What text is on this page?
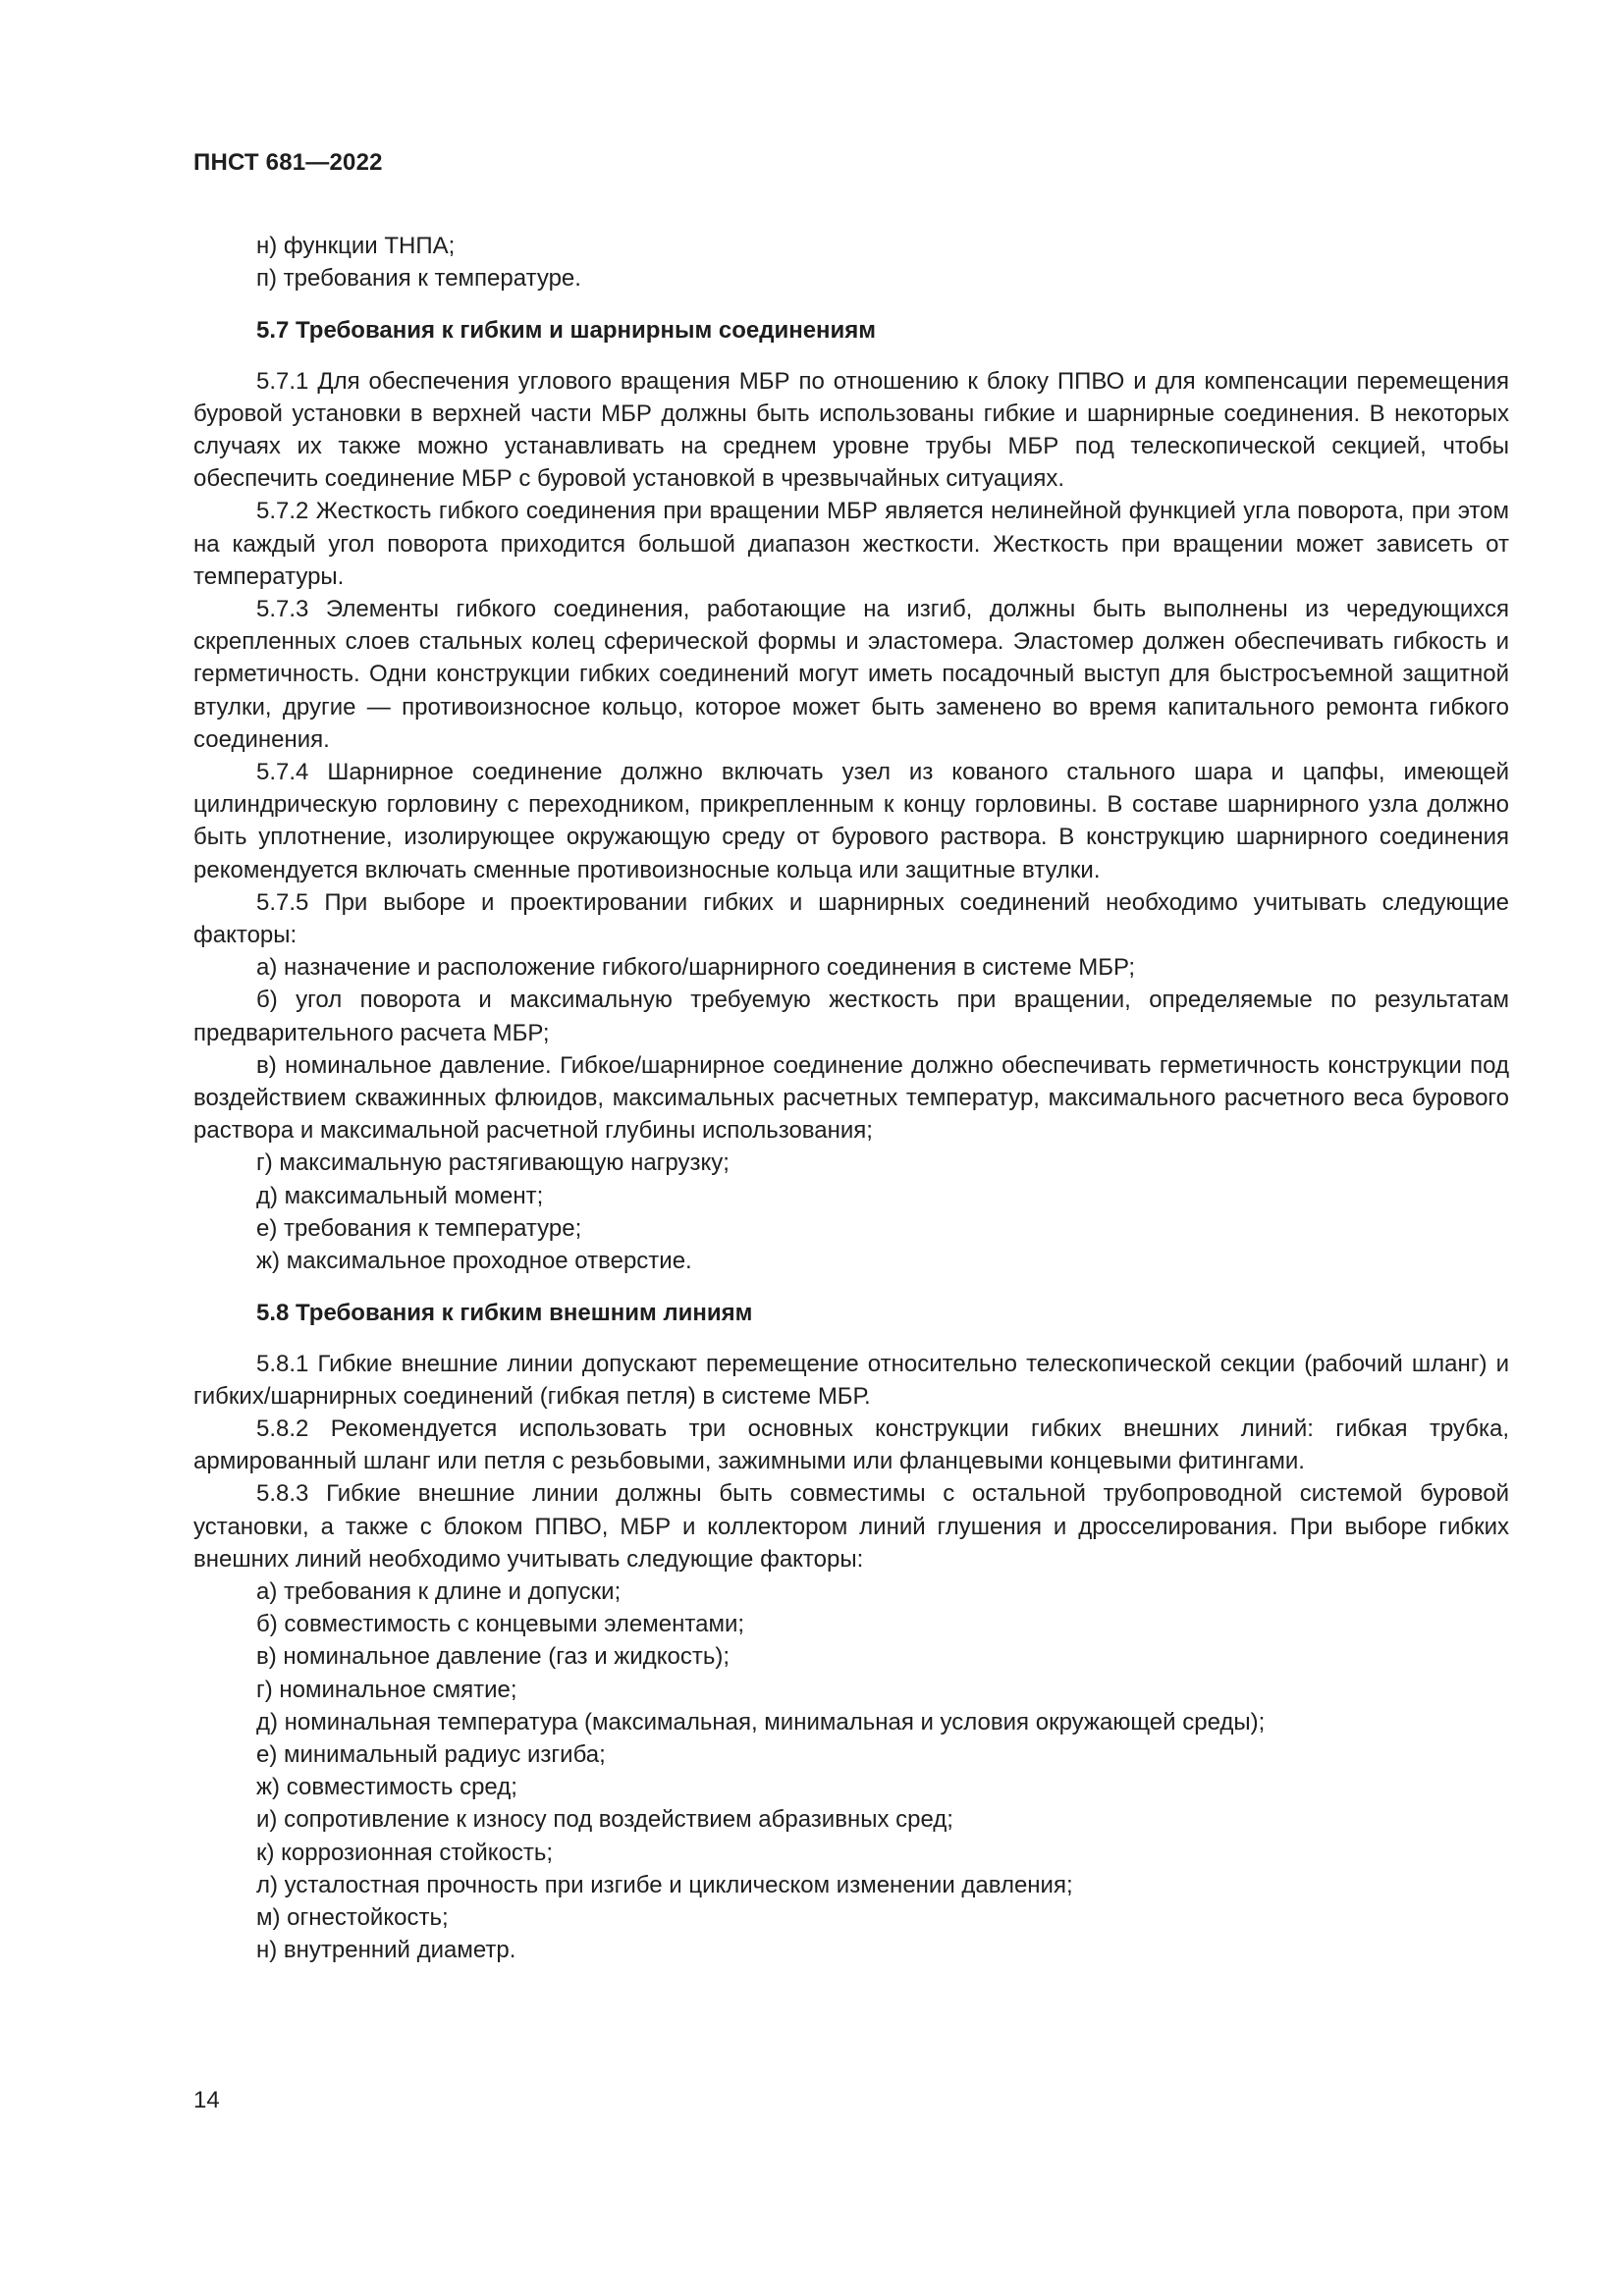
ПНСТ 681—2022

н) функции ТНПА;

п) требования к температуре.

5.7 Требования к гибким и шарнирным соединениям

5.7.1 Для обеспечения углового вращения МБР по отношению к блоку ППВО и для компенсации перемещения буровой установки в верхней части МБР должны быть использованы гибкие и шарнирные соединения. В некоторых случаях их также можно устанавливать на среднем уровне трубы МБР под телескопической секцией, чтобы обеспечить соединение МБР с буровой установкой в чрезвычайных ситуациях.

5.7.2 Жесткость гибкого соединения при вращении МБР является нелинейной функцией угла поворота, при этом на каждый угол поворота приходится большой диапазон жесткости. Жесткость при вращении может зависеть от температуры.

5.7.3 Элементы гибкого соединения, работающие на изгиб, должны быть выполнены из чередующихся скрепленных слоев стальных колец сферической формы и эластомера. Эластомер должен обеспечивать гибкость и герметичность. Одни конструкции гибких соединений могут иметь посадочный выступ для быстросъемной защитной втулки, другие — противоизносное кольцо, которое может быть заменено во время капитального ремонта гибкого соединения.

5.7.4 Шарнирное соединение должно включать узел из кованого стального шара и цапфы, имеющей цилиндрическую горловину с переходником, прикрепленным к концу горловины. В составе шарнирного узла должно быть уплотнение, изолирующее окружающую среду от бурового раствора. В конструкцию шарнирного соединения рекомендуется включать сменные противоизносные кольца или защитные втулки.

5.7.5 При выборе и проектировании гибких и шарнирных соединений необходимо учитывать следующие факторы:

а) назначение и расположение гибкого/шарнирного соединения в системе МБР;

б) угол поворота и максимальную требуемую жесткость при вращении, определяемые по результатам предварительного расчета МБР;

в) номинальное давление. Гибкое/шарнирное соединение должно обеспечивать герметичность конструкции под воздействием скважинных флюидов, максимальных расчетных температур, максимального расчетного веса бурового раствора и максимальной расчетной глубины использования;

г) максимальную растягивающую нагрузку;

д) максимальный момент;

е) требования к температуре;

ж) максимальное проходное отверстие.

5.8 Требования к гибким внешним линиям

5.8.1 Гибкие внешние линии допускают перемещение относительно телескопической секции (рабочий шланг) и гибких/шарнирных соединений (гибкая петля) в системе МБР.

5.8.2 Рекомендуется использовать три основных конструкции гибких внешних линий: гибкая трубка, армированный шланг или петля с резьбовыми, зажимными или фланцевыми концевыми фитингами.

5.8.3 Гибкие внешние линии должны быть совместимы с остальной трубопроводной системой буровой установки, а также с блоком ППВО, МБР и коллектором линий глушения и дросселирования. При выборе гибких внешних линий необходимо учитывать следующие факторы:

а) требования к длине и допуски;

б) совместимость с концевыми элементами;

в) номинальное давление (газ и жидкость);

г) номинальное смятие;

д) номинальная температура (максимальная, минимальная и условия окружающей среды);

е) минимальный радиус изгиба;

ж) совместимость сред;

и) сопротивление к износу под воздействием абразивных сред;

к) коррозионная стойкость;

л) усталостная прочность при изгибе и циклическом изменении давления;

м) огнестойкость;

н) внутренний диаметр.

14
